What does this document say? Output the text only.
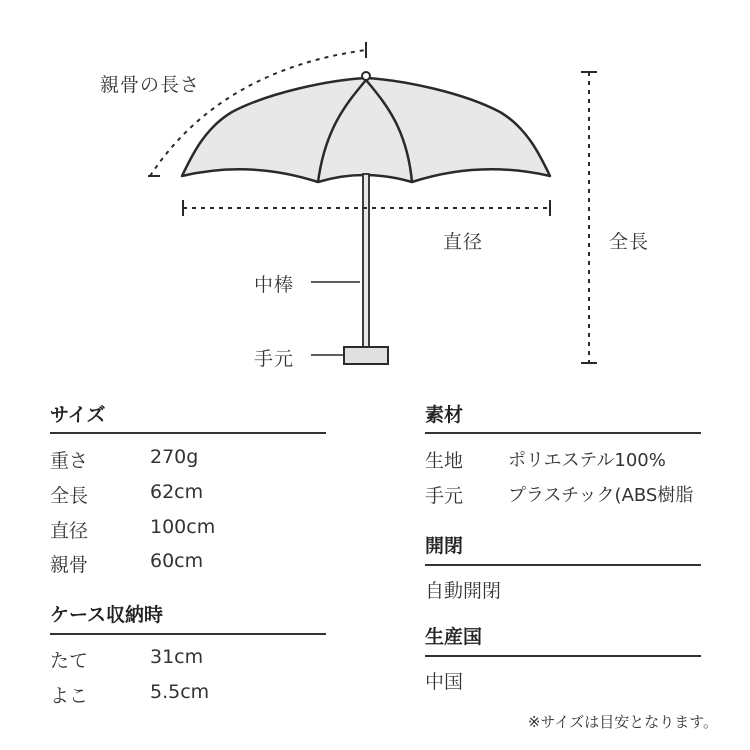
親骨の長さ
直径	全長
中棒
手元
サイズ
重さ	270g
全長	62cm
直径	100cm
親骨	60cm
ケース収納時
たて	31cm
よこ	5.5cm
素材
生地 ポリエステル100%
手元 プラスチック(ABS樹脂
開閉
自動開閉
生産国
中国
※サイズは目安となります。
